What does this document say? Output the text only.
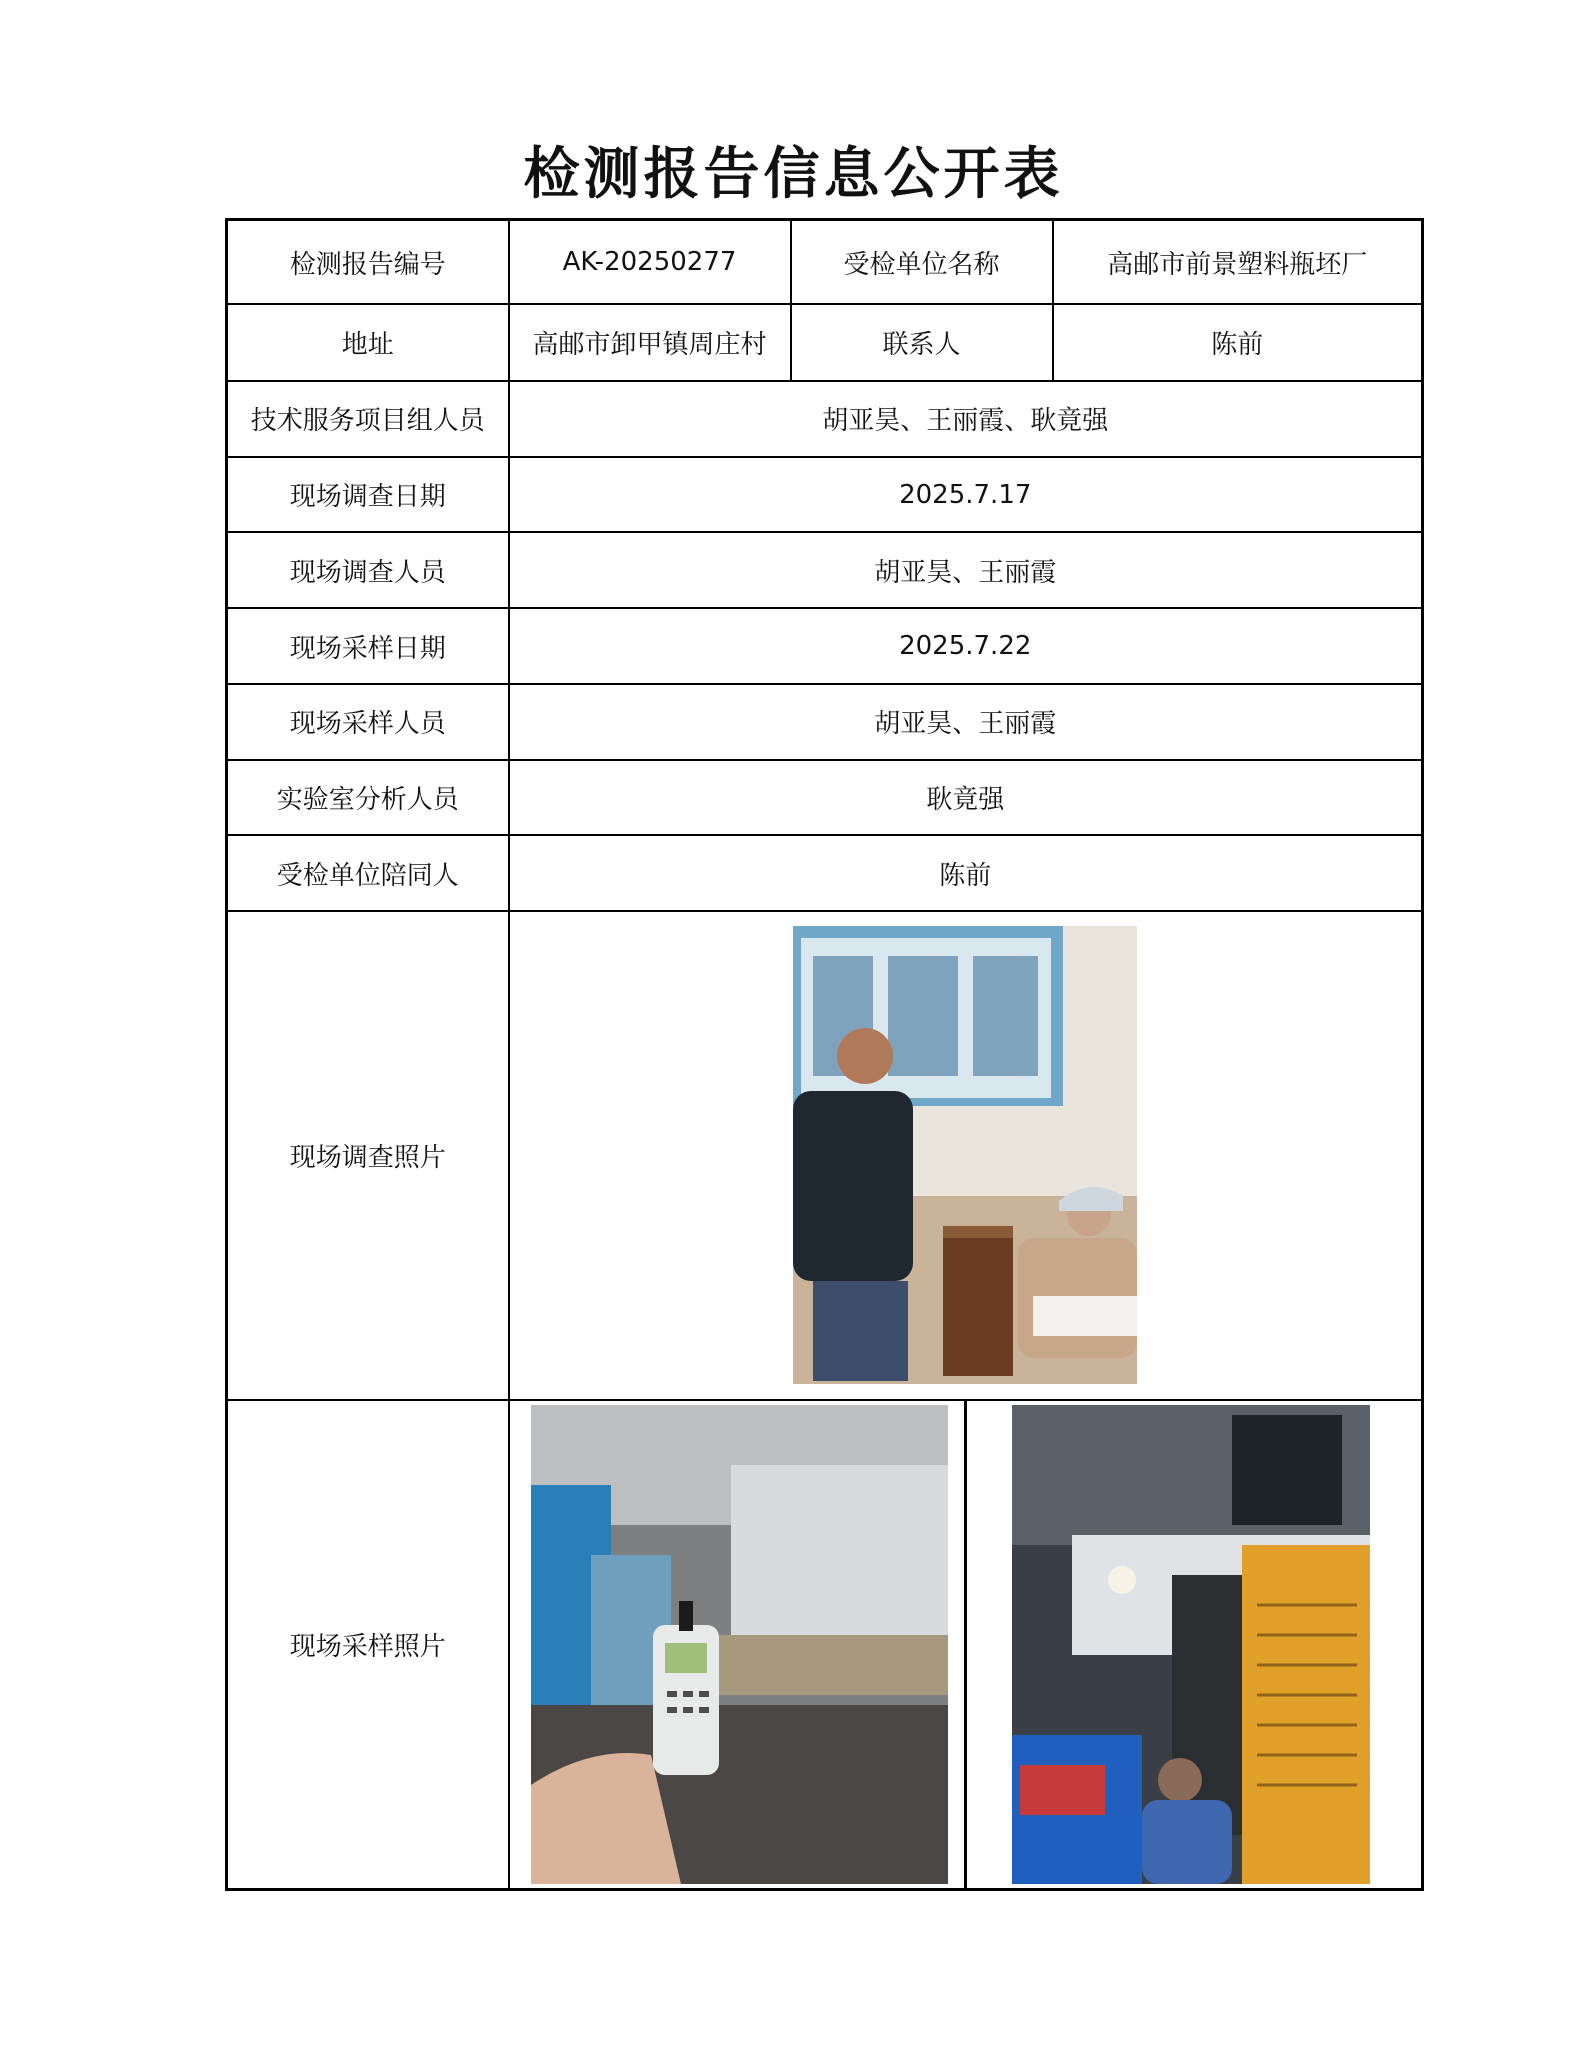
检测报告信息公开表
检测报告编号	AK-20250277	受检单位名称	高邮市前景塑料瓶坯厂
地址	高邮市卸甲镇周庄村	联系人	陈前
技术服务项目组人员	胡亚昊、王丽霞、耿竟强		
现场调查日期	2025.7.17		
现场调查人员	胡亚昊、王丽霞		
现场采样日期	2025.7.22		
现场采样人员	胡亚昊、王丽霞		
实验室分析人员	耿竟强		
受检单位陪同人	陈前		
现场调查照片	

现场采样照片	
